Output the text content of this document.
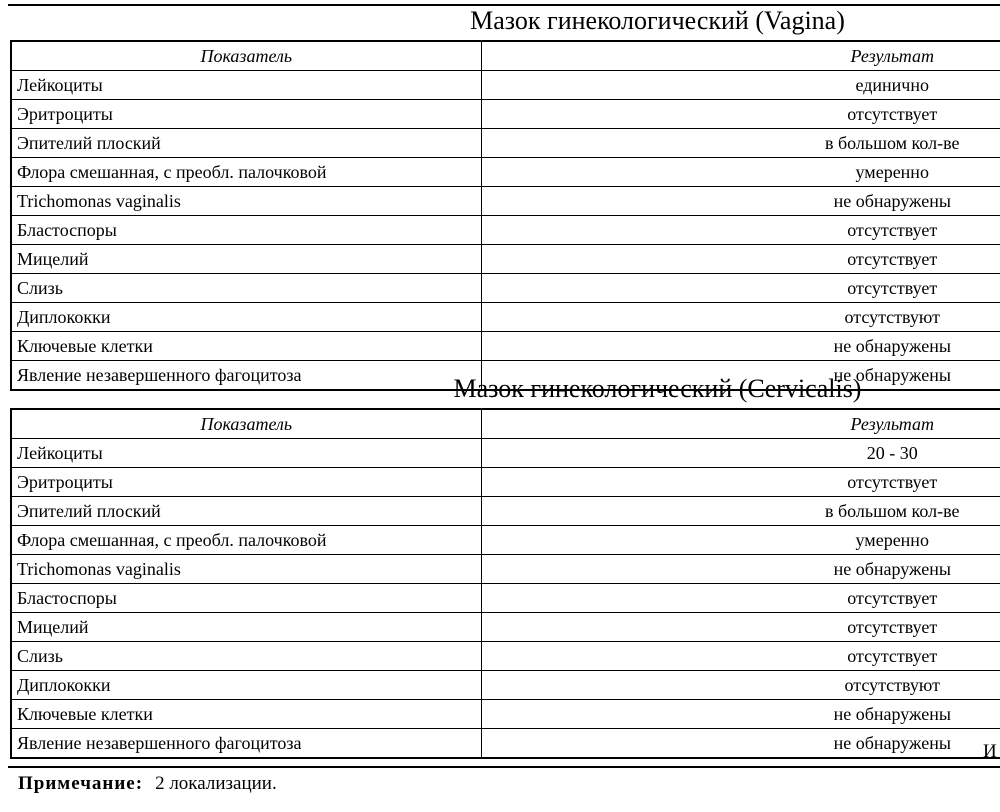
Мазок гинекологический (Vagina)
Показатель	Результат
Лейкоциты	единично
Эритроциты	отсутствует
Эпителий плоский	в большом кол-ве
Флора смешанная, с преобл. палочковой	умеренно
Trichomonas vaginalis	не обнаружены
Бластоспоры	отсутствует
Мицелий	отсутствует
Слизь	отсутствует
Диплококки	отсутствуют
Ключевые клетки	не обнаружены
Явление незавершенного фагоцитоза	не обнаружены
Мазок гинекологический (Cervicalis)
Показатель	Результат
Лейкоциты	20 - 30
Эритроциты	отсутствует
Эпителий плоский	в большом кол-ве
Флора смешанная, с преобл. палочковой	умеренно
Trichomonas vaginalis	не обнаружены
Бластоспоры	отсутствует
Мицелий	отсутствует
Слизь	отсутствует
Диплококки	отсутствуют
Ключевые клетки	не обнаружены
Явление незавершенного фагоцитоза	не обнаружены И
Примечание: 2 локализации.
